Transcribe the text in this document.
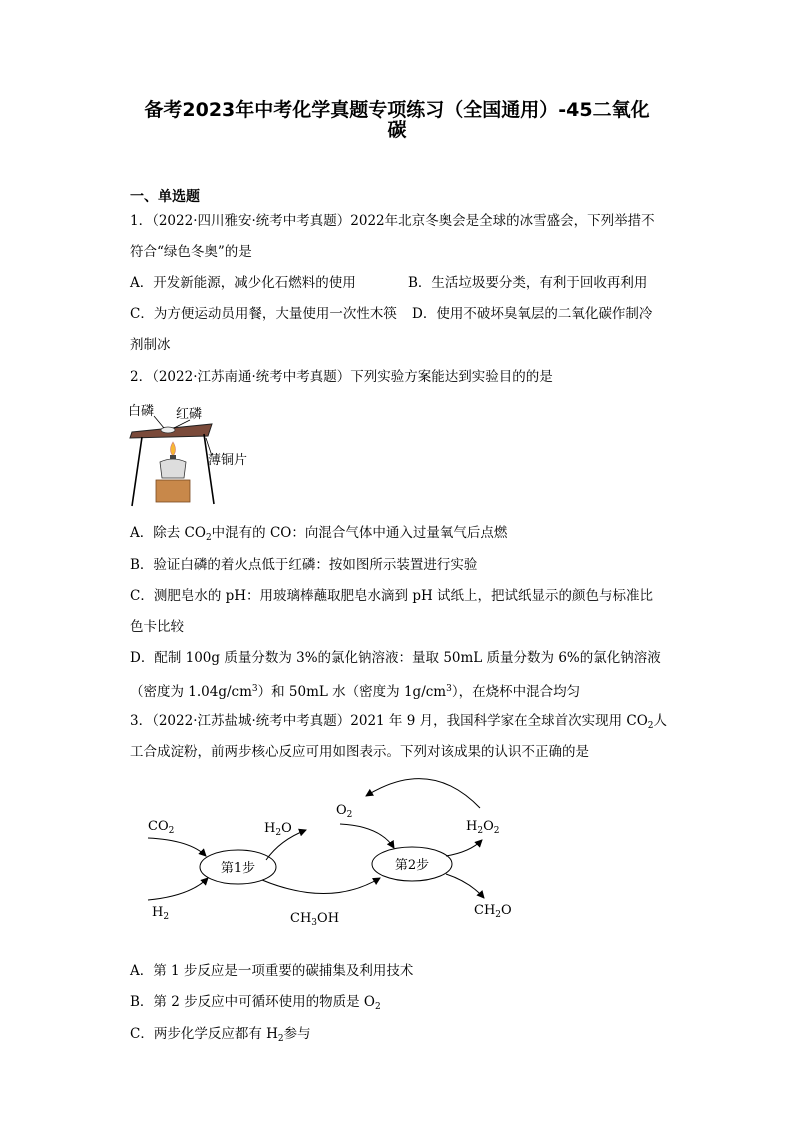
备考2023年中考化学真题专项练习（全国通用）-45二氧化
碳
一、单选题
1．（2022·四川雅安·统考中考真题）2022年北京冬奥会是全球的冰雪盛会，下列举措不
符合“绿色冬奥”的是
A．开发新能源，减少化石燃料的使用	B．生活垃圾要分类，有利于回收再利用
C．为方便运动员用餐，大量使用一次性木筷 D．使用不破坏臭氧层的二氧化碳作制冷
剂制冰
2．（2022·江苏南通·统考中考真题）下列实验方案能达到实验目的的是
白磷 红磷
薄铜片
A．除去 $CO_2$中混有的 CO：向混合气体中通入过量氧气后点燃
B．验证白磷的着火点低于红磷：按如图所示装置进行实验
C．测肥皂水的 pH：用玻璃棒蘸取肥皂水滴到 pH 试纸上，把试纸显示的颜色与标准比
色卡比较
D．配制 100g 质量分数为 3%的氯化钠溶液：量取 50mL 质量分数为 6%的氯化钠溶液
（密度为 $1.04g/cm^3$）和 50mL 水（密度为 $1g/cm^3$），在烧杯中混合均匀
3．（2022·江苏盐城·统考中考真题）2021 年 9 月，我国科学家在全球首次实现用 $CO_2$人
工合成淀粉，前两步核心反应可用如图表示。下列对该成果的认识不正确的是
$CO_2$
$H_2$
$H_2O$
$O_2$
$H_2O_2$
$CH_3OH$
$CH_2O$
第1步	第2步
A．第 1 步反应是一项重要的碳捕集及利用技术
B．第 2 步反应中可循环使用的物质是 $O_2$
C．两步化学反应都有 $H_2$参与
